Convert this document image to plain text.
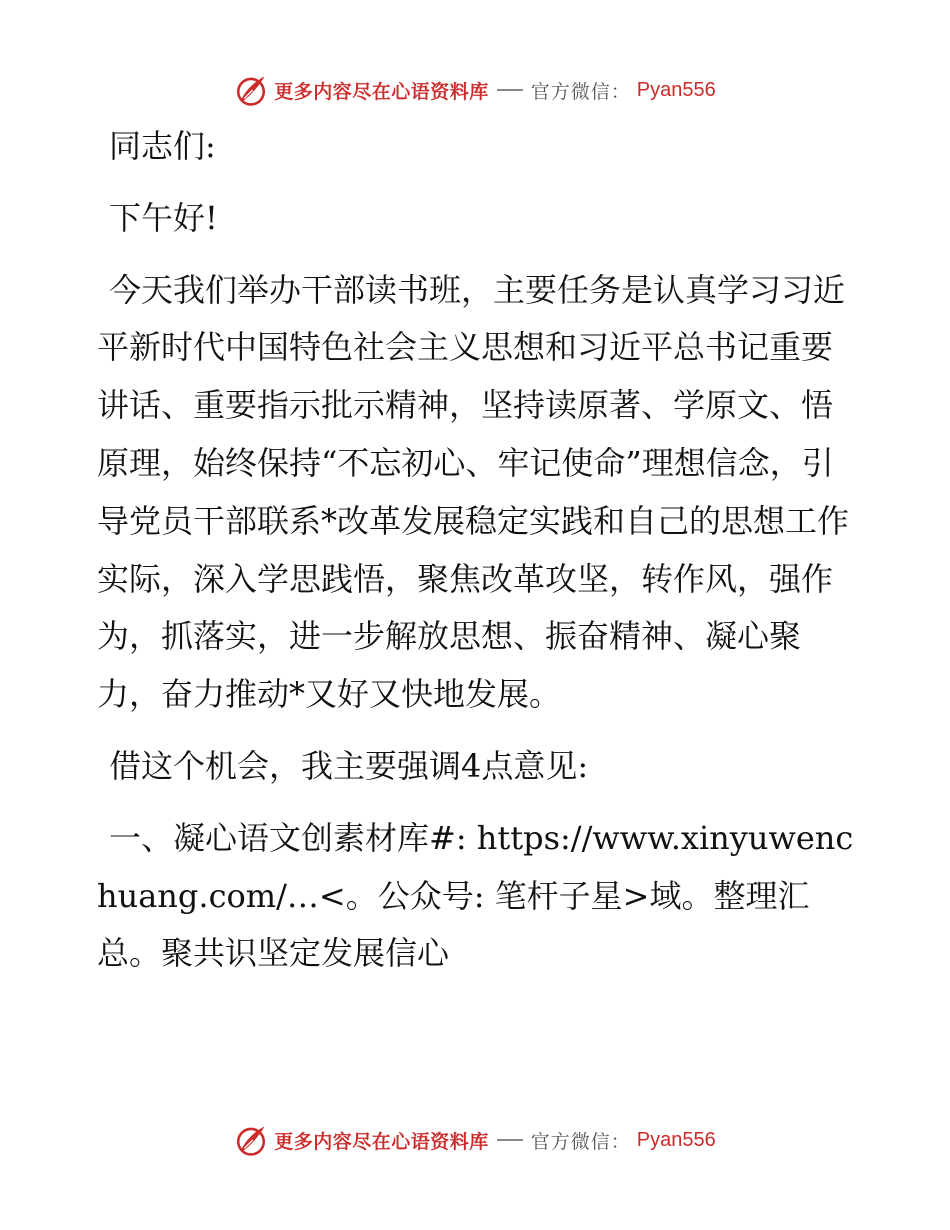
更多内容尽在心语资料库 官方微信： Pyan556

同志们:

下午好!

今天我们举办干部读书班，主要任务是认真学习习近平新时代中国特色社会主义思想和习近平总书记重要讲话、重要指示批示精神，坚持读原著、学原文、悟原理，始终保持“不忘初心、牢记使命”理想信念，引导党员干部联系*改革发展稳定实践和自己的思想工作实际，深入学思践悟，聚焦改革攻坚，转作风，强作为，抓落实，进一步解放思想、振奋精神、凝心聚力，奋力推动*又好又快地发展。

借这个机会，我主要强调4点意见:

一、凝心语文创素材库#: https://www.xinyuwenchuang.com/…<。公众号: 笔杆子星>域。整理汇总。聚共识坚定发展信心

更多内容尽在心语资料库 官方微信： Pyan556
